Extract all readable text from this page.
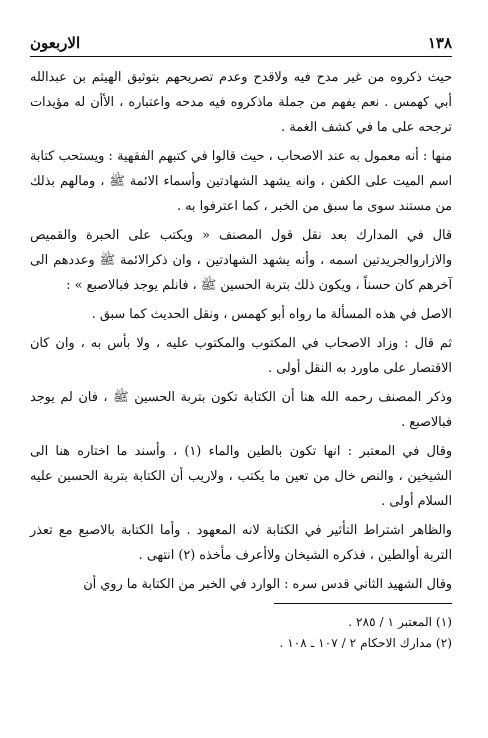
١٣٨
الاربعون

حيث ذكروه من غير مدح فيه ولاقدح وعدم تصريحهم بتوثيق الهيثم بن عبدالله أبي كهمس . نعم يفهم من جملة ماذكروه فيه مدحه واعتباره ، الأأن له مؤيدات ترجحه على ما في كشف الغمة .

منها : أنه معمول به عند الاصحاب ، حيث قالوا في كتبهم الفقهية : ويستحب كتابة اسم الميت على الكفن ، وانه يشهد الشهادتين وأسماء الائمة ﷺ ، ومالهم بذلك من مستند سوى ما سبق من الخبر ، كما اعترفوا به .

قال في المدارك بعد نقل قول المصنف « ويكتب على الحبرة والقميص والازاروالجريدتين اسمه ، وأنه يشهد الشهادتين ، وان ذكرالائمة ﷺ وعددهم الى آخرهم كان حسناً ، ويكون ذلك بتربة الحسين ﷺ ، فانلم يوجد فبالاصبع » :

الاصل في هذه المسألة ما رواه أبو كهمس ، ونقل الحديث كما سبق .

ثم قال : وزاد الاصحاب في المكتوب والمكتوب عليه ، ولا بأس به ، وان كان الاقتصار على ماورد به النقل أولى .

وذكر المصنف رحمه الله هنا أن الكتابة تكون بتربة الحسين ﷺ ، فان لم يوجد فبالاصبع .

وقال في المعتبر : انها تكون بالطين والماء (١) ، وأسند ما اختاره هنا الى الشيخين ، والنص خال من تعين ما يكتب ، ولاريب أن الكتابة بتربة الحسين عليه السلام أولى .

والظاهر اشتراط التأثير في الكتابة لانه المعهود . وأما الكتابة بالاصبع مع تعذر التربة أوالطين ، فذكره الشيخان ولاأعرف مأخذه (٢) انتهى .

وقال الشهيد الثاني قدس سره : الوارد في الخبر من الكتابة ما روي أن

(١) المعتبر ١ / ٢٨٥ .

(٢) مدارك الاحكام ٢ / ١٠٧ ـ ١٠٨ .
